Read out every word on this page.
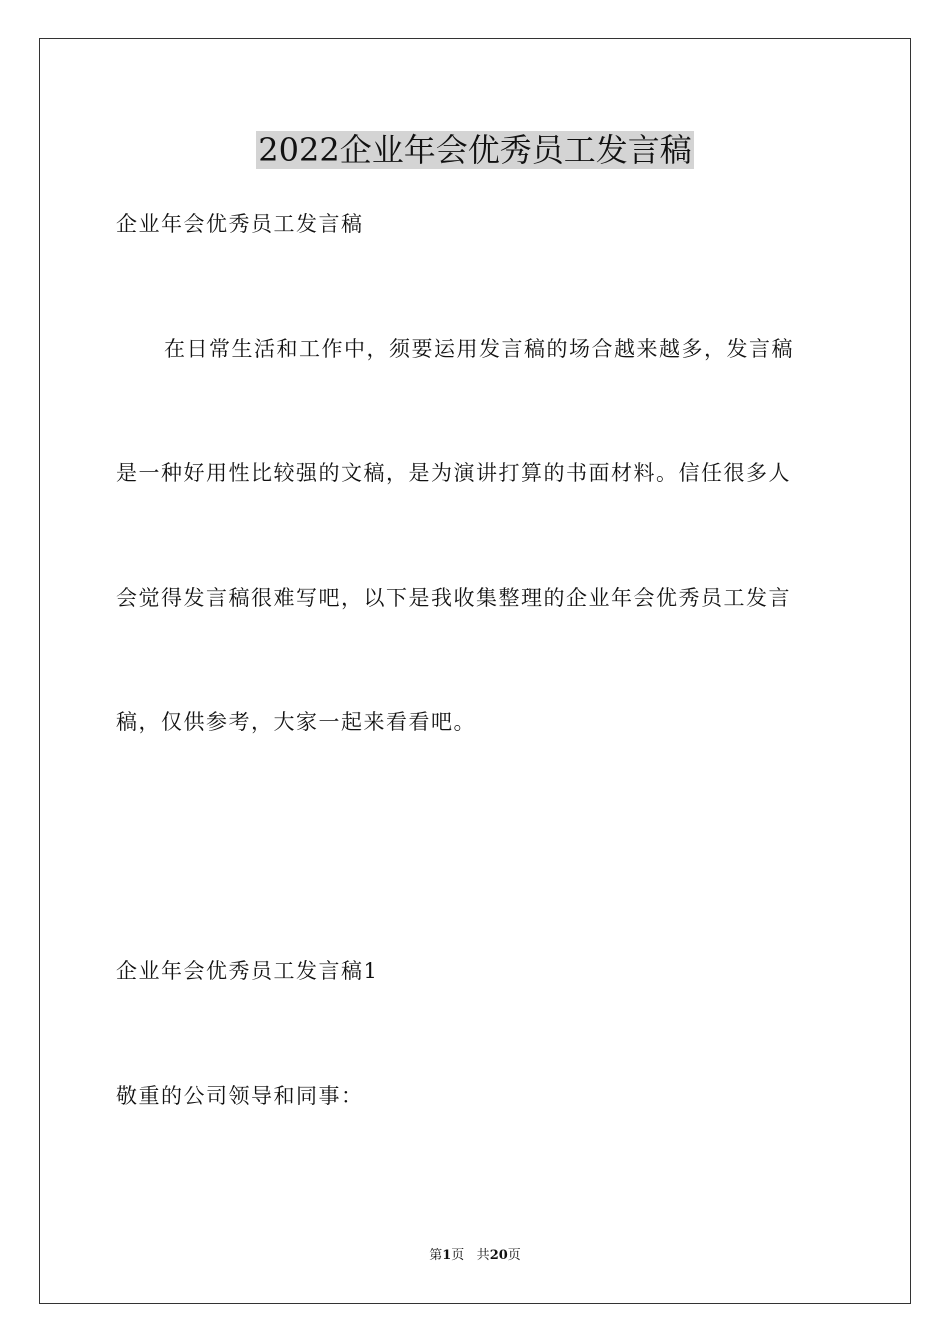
2022企业年会优秀员工发言稿

企业年会优秀员工发言稿

在日常生活和工作中，须要运用发言稿的场合越来越多，发言稿

是一种好用性比较强的文稿，是为演讲打算的书面材料。信任很多人

会觉得发言稿很难写吧，以下是我收集整理的企业年会优秀员工发言

稿，仅供参考，大家一起来看看吧。

企业年会优秀员工发言稿1

敬重的公司领导和同事：

第1页 共20页
